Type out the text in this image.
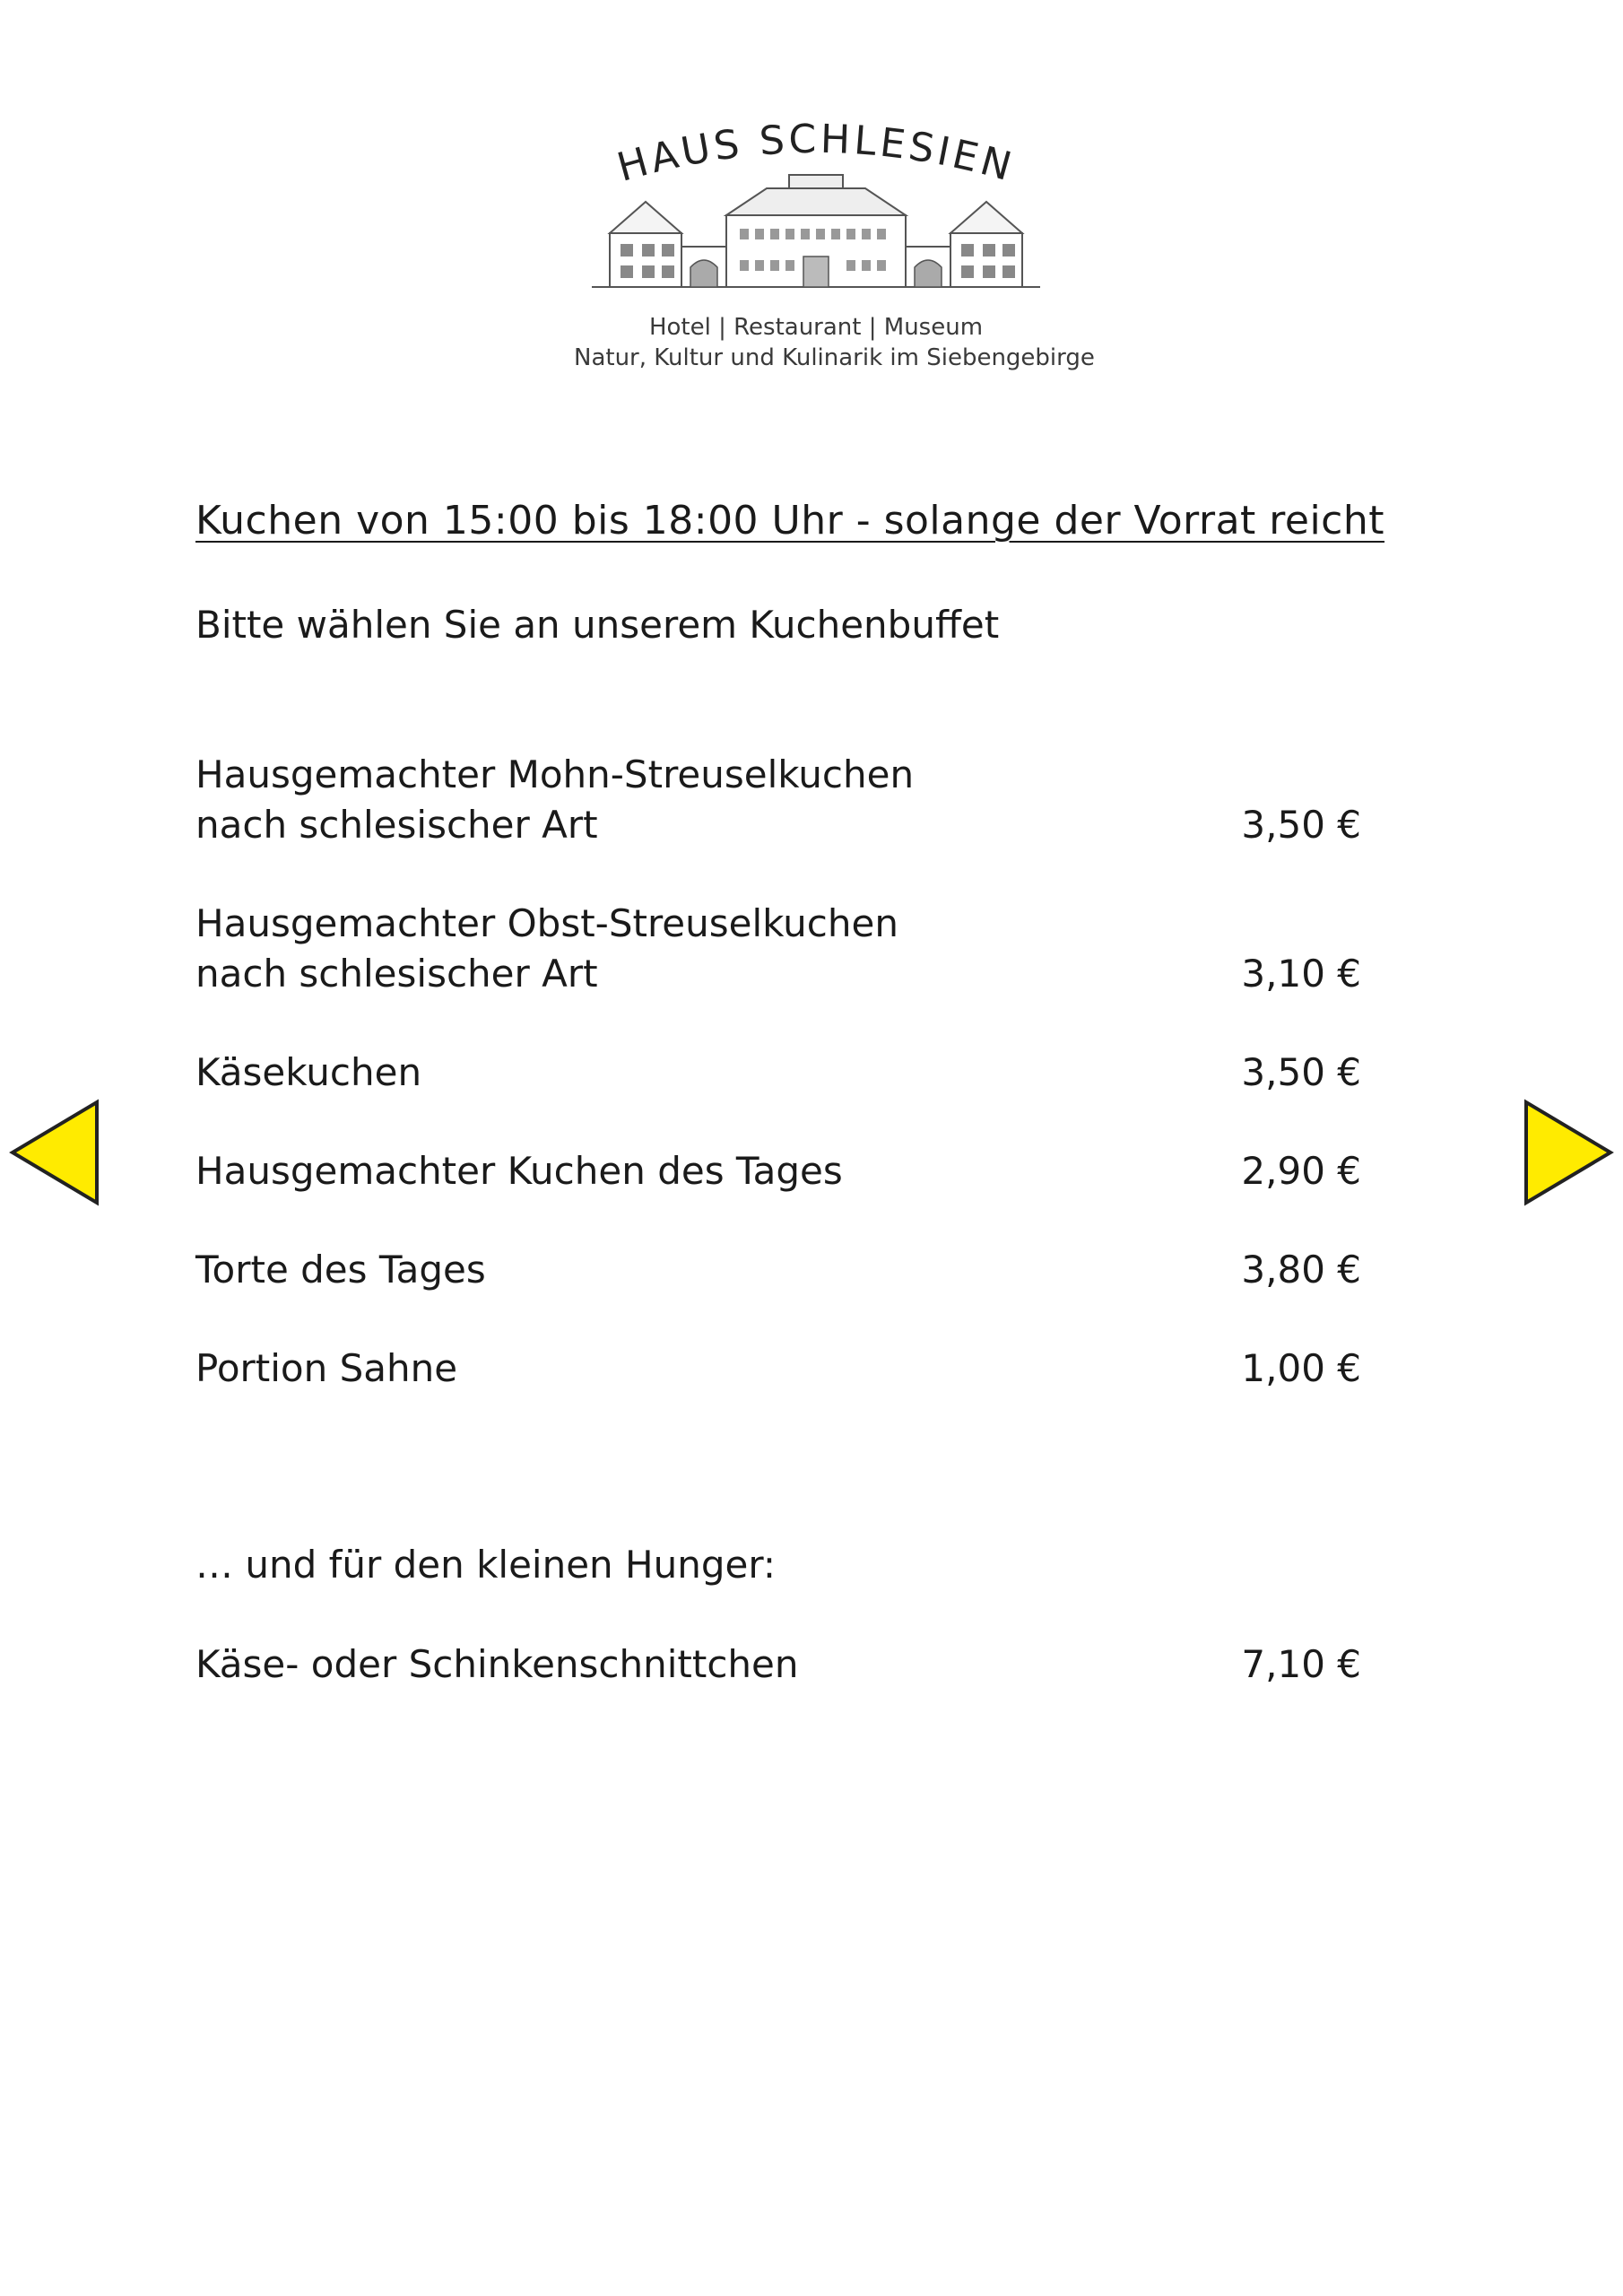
HAUS SCHLESIEN
Hotel | Restaurant | Museum
Natur, Kultur und Kulinarik im Siebengebirge
Kuchen von 15:00 bis 18:00 Uhr - solange der Vorrat reicht
Bitte wählen Sie an unserem Kuchenbuffet
Hausgemachter Mohn-Streuselkuchen
nach schlesischer Art	3,50 €
Hausgemachter Obst-Streuselkuchen
nach schlesischer Art	3,10 €
Käsekuchen	3,50 €
Hausgemachter Kuchen des Tages	2,90 €
Torte des Tages	3,80 €
Portion Sahne	1,00 €
… und für den kleinen Hunger:
Käse- oder Schinkenschnittchen	7,10 €
